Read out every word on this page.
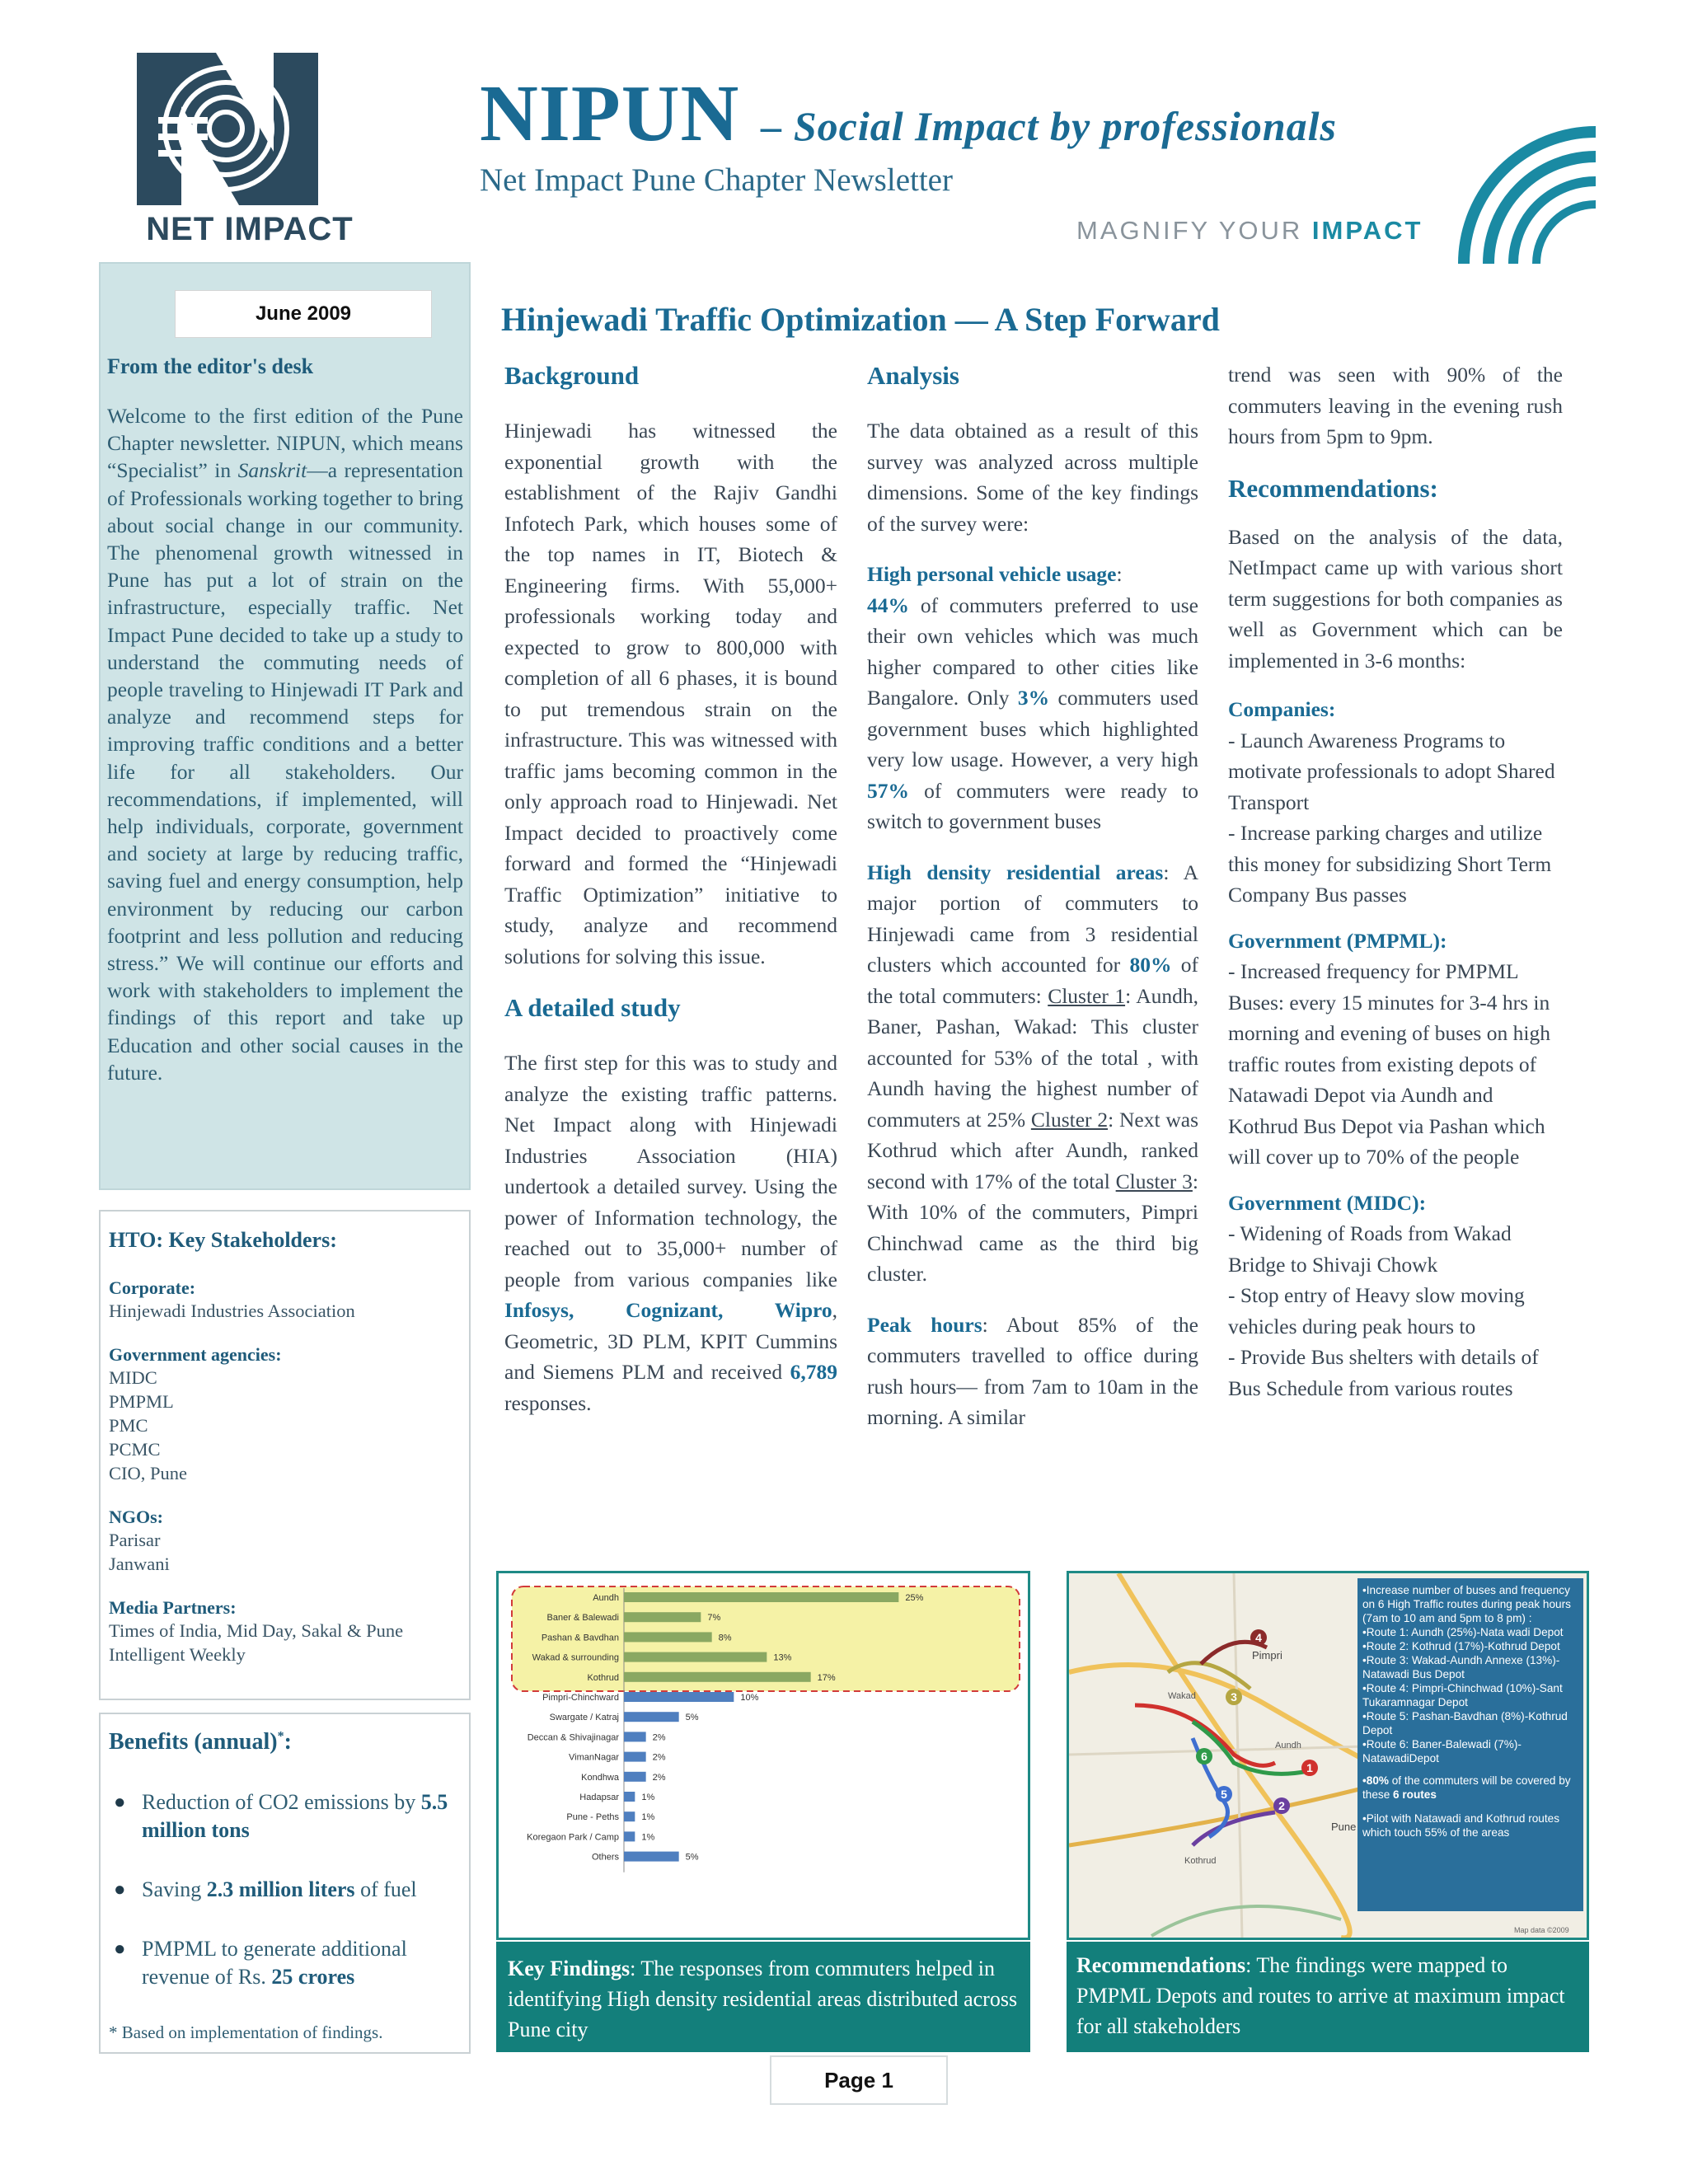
NET IMPACT
NIPUN – Social Impact by professionals
Net Impact Pune Chapter Newsletter
MAGNIFY YOUR IMPACT
June 2009
From the editor's desk
Welcome to the first edition of the Pune Chapter newsletter. NIPUN, which means “Specialist” in Sanskrit—a representation of Professionals working together to bring about social change in our community. The phenomenal growth witnessed in Pune has put a lot of strain on the infrastructure, especially traffic. Net Impact Pune decided to take up a study to understand the commuting needs of people traveling to Hinjewadi IT Park and analyze and recommend steps for improving traffic conditions and a better life for all stakeholders. Our recommendations, if implemented, will help individuals, corporate, government and society at large by reducing traffic, saving fuel and energy consumption, help environment by reducing our carbon footprint and less pollution and reducing stress.” We will continue our efforts and work with stakeholders to implement the findings of this report and take up Education and other social causes in the future.
HTO: Key Stakeholders:
Corporate:
Hinjewadi Industries Association
Government agencies:
MIDC
PMPML
PMC
PCMC
CIO, Pune
NGOs:
Parisar
Janwani
Media Partners:
Times of India, Mid Day, Sakal & Pune Intelligent Weekly
Benefits (annual)*:
● Reduction of CO2 emissions by 5.5 million tons
● Saving 2.3 million liters of fuel
● PMPML to generate additional revenue of Rs. 25 crores
* Based on implementation of findings.
Hinjewadi Traffic Optimization — A Step Forward
Background

Hinjewadi has witnessed the exponential growth with the establishment of the Rajiv Gandhi Infotech Park, which houses some of the top names in IT, Biotech & Engineering firms. With 55,000+ professionals working today and expected to grow to 800,000 with completion of all 6 phases, it is bound to put tremendous strain on the infrastructure. This was witnessed with traffic jams becoming common in the only approach road to Hinjewadi. Net Impact decided to proactively come forward and formed the “Hinjewadi Traffic Optimization” initiative to study, analyze and recommend solutions for solving this issue.

A detailed study

The first step for this was to study and analyze the existing traffic patterns. Net Impact along with Hinjewadi Industries Association (HIA) undertook a detailed survey. Using the power of Information technology, the reached out to 35,000+ number of people from various companies like Infosys, Cognizant, Wipro, Geometric, 3D PLM, KPIT Cummins and Siemens PLM and received 6,789 responses.

Analysis

The data obtained as a result of this survey was analyzed across multiple dimensions. Some of the key findings of the survey were:

High personal vehicle usage:
44% of commuters preferred to use their own vehicles which was much higher compared to other cities like Bangalore. Only 3% commuters used government buses which highlighted very low usage. However, a very high 57% of commuters were ready to switch to government buses

High density residential areas: A major portion of commuters to Hinjewadi came from 3 residential clusters which accounted for 80% of the total commuters: Cluster 1: Aundh, Baner, Pashan, Wakad: This cluster accounted for 53% of the total , with Aundh having the highest number of commuters at 25% Cluster 2: Next was Kothrud which after Aundh, ranked second with 17% of the total Cluster 3: With 10% of the commuters, Pimpri Chinchwad came as the third big cluster.

Peak hours: About 85% of the commuters travelled to office during rush hours— from 7am to 10am in the morning. A similar

trend was seen with 90% of the commuters leaving in the evening rush hours from 5pm to 9pm.

Recommendations:

Based on the analysis of the data, NetImpact came up with various short term suggestions for both companies as well as Government which can be implemented in 3-6 months:

Companies:
- Launch Awareness Programs to motivate professionals to adopt Shared Transport
- Increase parking charges and utilize this money for subsidizing Short Term Company Bus passes
Government (PMPML):
- Increased frequency for PMPML Buses: every 15 minutes for 3-4 hrs in morning and evening of buses on high traffic routes from existing depots of Natawadi Depot via Aundh and Kothrud Bus Depot via Pashan which will cover up to 70% of the people
Government (MIDC):
- Widening of Roads from Wakad Bridge to Shivaji Chowk
- Stop entry of Heavy slow moving vehicles during peak hours to
- Provide Bus shelters with details of Bus Schedule from various routes
Aundh	25%
Baner & Balewadi	7%
Pashan & Bavdhan	8%
Wakad & surrounding	13%
Kothrud	17%
Pimpri-Chinchward	10%
Swargate / Katraj	5%
Deccan & Shivajinagar	2%
VimanNagar	2%
Kondhwa	2%
Hadapsar 1%
Pune - Peths 1%
Koregaon Park / Camp 1%
Others	5%
Key Findings: The responses from commuters helped in identifying High density residential areas distributed across Pune city
1
2
3
4
5
6
Pimpri
Pune
Aundh
Kothrud
Wakad
Map data ©2009
•Increase number of buses and frequency on 6 High Traffic routes during peak hours (7am to 10 am and 5pm to 8 pm) :
•Route 1: Aundh (25%)-Nata wadi Depot
•Route 2: Kothrud (17%)-Kothrud Depot
•Route 3: Wakad-Aundh Annexe (13%)-Natawadi Bus Depot
•Route 4: Pimpri-Chinchwad (10%)-Sant Tukaramnagar Depot
•Route 5: Pashan-Bavdhan (8%)-Kothrud Depot
•Route 6: Baner-Balewadi (7%)-NatawadiDepot
•80% of the commuters will be covered by these 6 routes
•Pilot with Natawadi and Kothrud routes which touch 55% of the areas
Recommendations: The findings were mapped to PMPML Depots and routes to arrive at maximum impact for all stakeholders
Page 1
